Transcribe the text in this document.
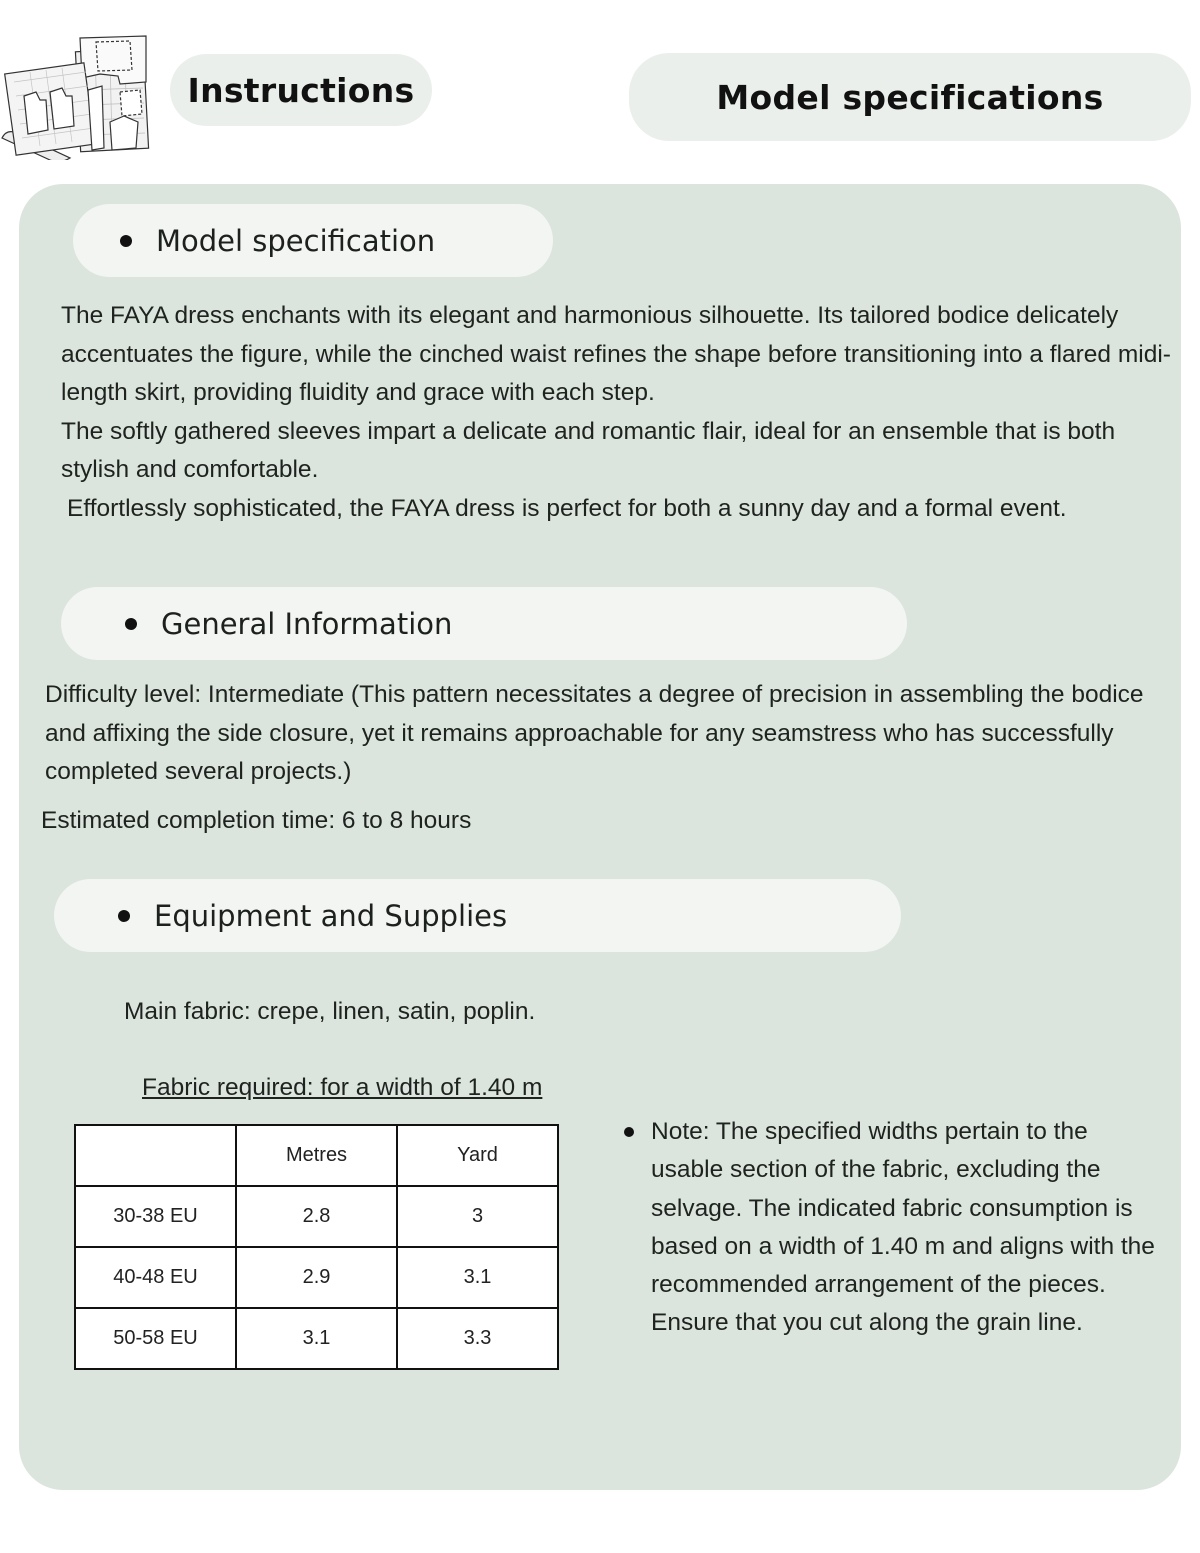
Instructions	Model specifications
Model specification

The FAYA dress enchants with its elegant and harmonious silhouette. Its tailored bodice delicately accentuates the figure, while the cinched waist refines the shape before transitioning into a flared midi-length skirt, providing fluidity and grace with each step.

The softly gathered sleeves impart a delicate and romantic flair, ideal for an ensemble that is both stylish and comfortable.

Effortlessly sophisticated, the FAYA dress is perfect for both a sunny day and a formal event.

General Information
Difficulty level: Intermediate (This pattern necessitates a degree of precision in assembling the bodice and affixing the side closure, yet it remains approachable for any seamstress who has successfully completed several projects.)
Estimated completion time: 6 to 8 hours
Equipment and Supplies
Main fabric: crepe, linen, satin, poplin.
Fabric required: for a width of 1.40 m
	Metres	Yard
30-38 EU	2.8	3
40-48 EU	2.9	3.1
50-58 EU	3.1	3.3
Note: The specified widths pertain to the usable section of the fabric, excluding the selvage. The indicated fabric consumption is based on a width of 1.40 m and aligns with the recommended arrangement of the pieces. Ensure that you cut along the grain line.
